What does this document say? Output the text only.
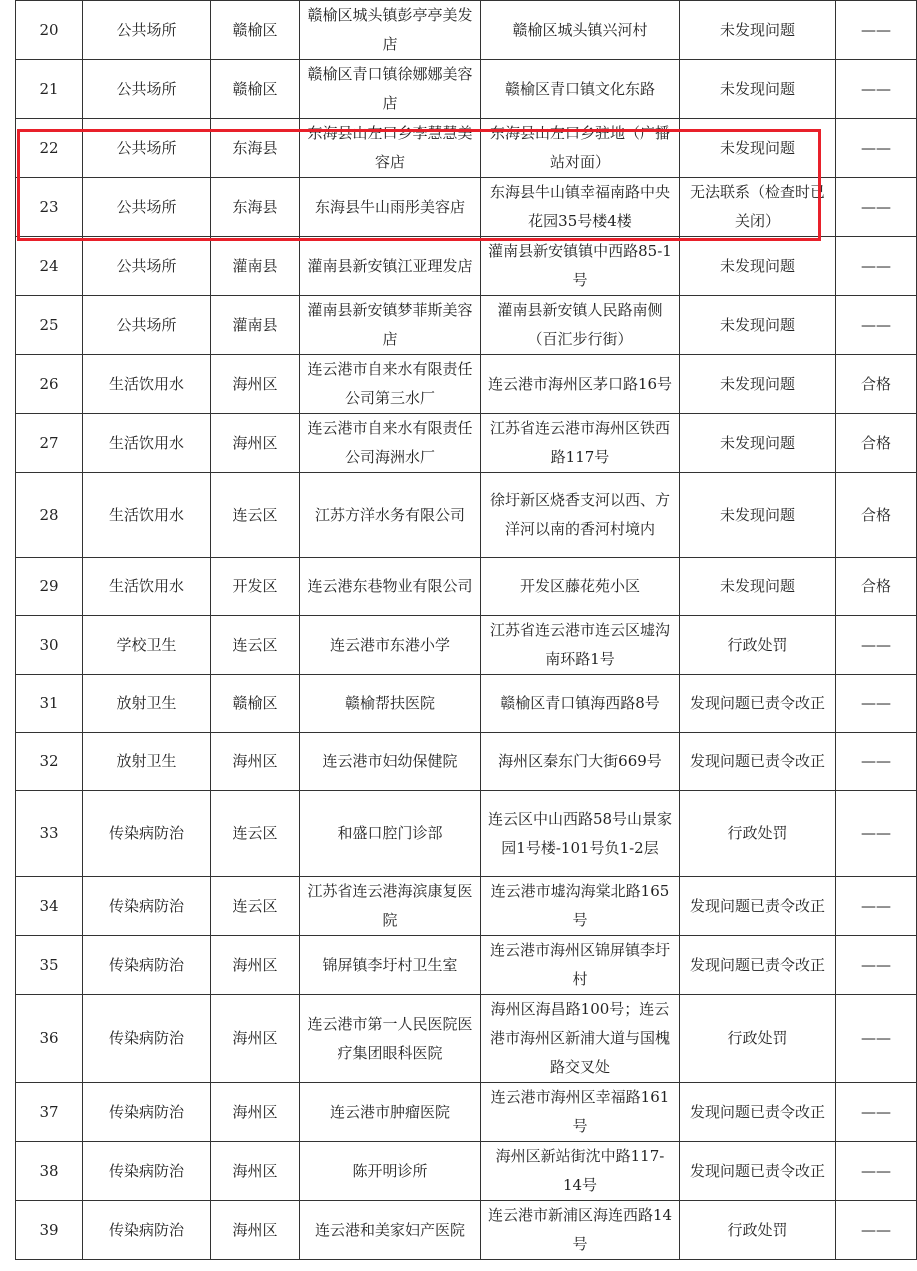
20	公共场所	赣榆区	赣榆区城头镇彭亭亭美发店	赣榆区城头镇兴河村	未发现问题	——
21	公共场所	赣榆区	赣榆区青口镇徐娜娜美容店	赣榆区青口镇文化东路	未发现问题	——
22	公共场所	东海县	东海县山左口乡李慧慧美容店	东海县山左口乡驻地（广播站对面）	未发现问题	——
23	公共场所	东海县	东海县牛山雨彤美容店	东海县牛山镇幸福南路中央花园35号楼4楼	无法联系（检查时已关闭）	——
24	公共场所	灌南县	灌南县新安镇江亚理发店	灌南县新安镇镇中西路85-1号	未发现问题	——
25	公共场所	灌南县	灌南县新安镇梦菲斯美容店	灌南县新安镇人民路南侧（百汇步行街）	未发现问题	——
26	生活饮用水	海州区	连云港市自来水有限责任公司第三水厂	连云港市海州区茅口路16号	未发现问题	合格
27	生活饮用水	海州区	连云港市自来水有限责任公司海洲水厂	江苏省连云港市海州区铁西路117号	未发现问题	合格
28	生活饮用水	连云区	江苏方洋水务有限公司	徐圩新区烧香支河以西、方洋河以南的香河村境内	未发现问题	合格
29	生活饮用水	开发区	连云港东巷物业有限公司	开发区藤花苑小区	未发现问题	合格
30	学校卫生	连云区	连云港市东港小学	江苏省连云港市连云区墟沟南环路1号	行政处罚	——
31	放射卫生	赣榆区	赣榆帮扶医院	赣榆区青口镇海西路8号	发现问题已责令改正	——
32	放射卫生	海州区	连云港市妇幼保健院	海州区秦东门大街669号	发现问题已责令改正	——
33	传染病防治	连云区	和盛口腔门诊部	连云区中山西路58号山景家园1号楼-101号负1-2层	行政处罚	——
34	传染病防治	连云区	江苏省连云港海滨康复医院	连云港市墟沟海棠北路165号	发现问题已责令改正	——
35	传染病防治	海州区	锦屏镇李圩村卫生室	连云港市海州区锦屏镇李圩村	发现问题已责令改正	——
36	传染病防治	海州区	连云港市第一人民医院医疗集团眼科医院	海州区海昌路100号；连云港市海州区新浦大道与国槐路交叉处	行政处罚	——
37	传染病防治	海州区	连云港市肿瘤医院	连云港市海州区幸福路161号	发现问题已责令改正	——
38	传染病防治	海州区	陈开明诊所	海州区新站街沈中路117-14号	发现问题已责令改正	——
39	传染病防治	海州区	连云港和美家妇产医院	连云港市新浦区海连西路14号	行政处罚	——
